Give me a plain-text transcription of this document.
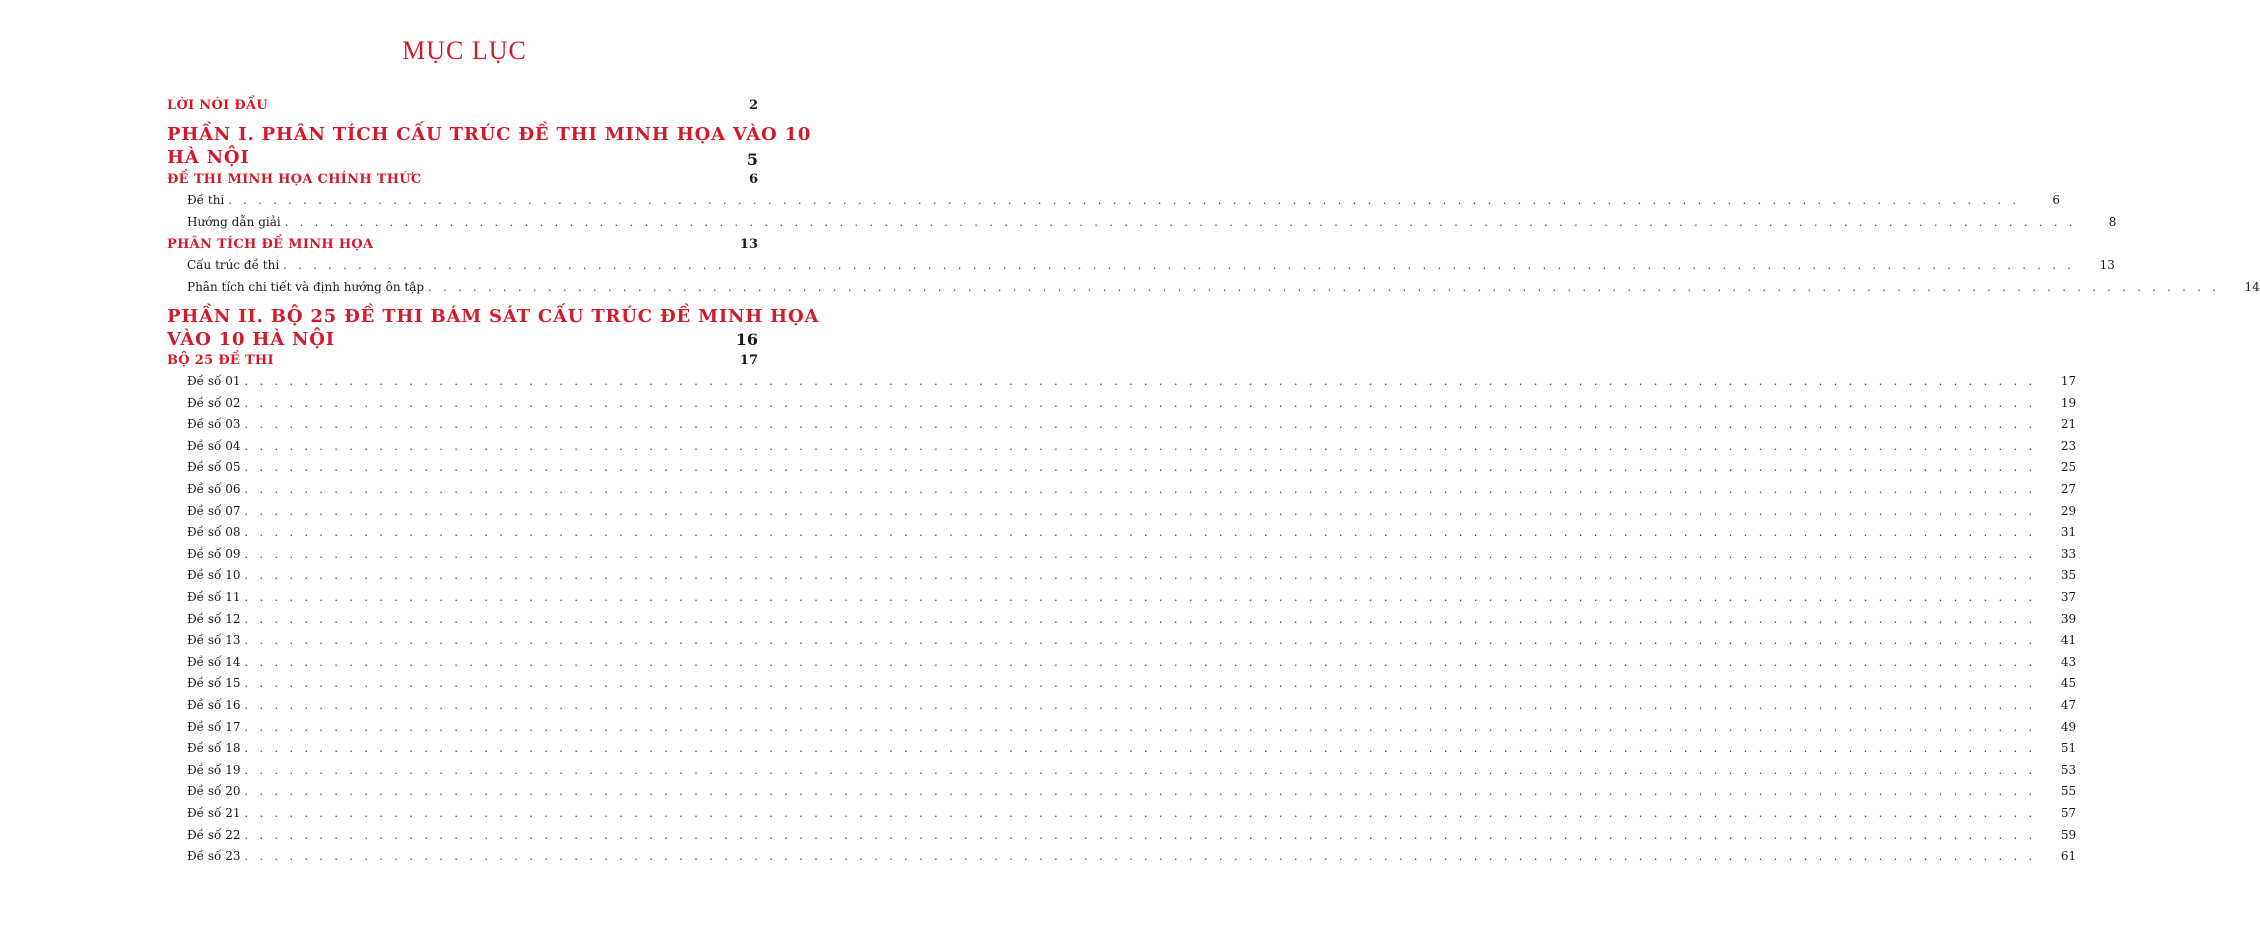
MỤC LỤC
LỜI NÓI ĐẦU	2
PHẦN I. PHÂN TÍCH CẤU TRÚC ĐỀ THI MINH HỌA VÀO 10
HÀ NỘI	5
ĐỀ THI MINH HỌA CHÍNH THỨC	6
Đề thi . . . . . . . . . . . . . . . . . . . . . . . . . . . . . . . . . . . . . . . . . . . . . . . . . . . . . . . . . . . . . . . . . . . . . . . . . . . . . . . . . . . . . . . . . . . . . . . . . . . . . . . . . . . . . . . . . . . . . . . .	6
Hướng dẫn giải . . . . . . . . . . . . . . . . . . . . . . . . . . . . . . . . . . . . . . . . . . . . . . . . . . . . . . . . . . . . . . . . . . . . . . . . . . . . . . . . . . . . . . . . . . . . . . . . . . . . . . . . . . . . . . . . . . . . . . . .	8
PHÂN TÍCH ĐỀ MINH HỌA	13
Cấu trúc đề thi . . . . . . . . . . . . . . . . . . . . . . . . . . . . . . . . . . . . . . . . . . . . . . . . . . . . . . . . . . . . . . . . . . . . . . . . . . . . . . . . . . . . . . . . . . . . . . . . . . . . . . . . . . . . . . . . . . . . . . . . 13
Phân tích chi tiết và định hướng ôn tập . . . . . . . . . . . . . . . . . . . . . . . . . . . . . . . . . . . . . . . . . . . . . . . . . . . . . . . . . . . . . . . . . . . . . . . . . . . . . . . . . . . . . . . . . . . . . . . . . . . . . . . . . . . . . . . . . . . . . . . . 14
PHẦN II. BỘ 25 ĐỀ THI BÁM SÁT CẤU TRÚC ĐỀ MINH HỌA
VÀO 10 HÀ NỘI	16
BỘ 25 ĐỀ THI	17
Đề số 01 . . . . . . . . . . . . . . . . . . . . . . . . . . . . . . . . . . . . . . . . . . . . . . . . . . . . . . . . . . . . . . . . . . . . . . . . . . . . . . . . . . . . . . . . . . . . . . . . . . . . . . . . . . . . . . . . . . . . . . . . 17
Đề số 02 . . . . . . . . . . . . . . . . . . . . . . . . . . . . . . . . . . . . . . . . . . . . . . . . . . . . . . . . . . . . . . . . . . . . . . . . . . . . . . . . . . . . . . . . . . . . . . . . . . . . . . . . . . . . . . . . . . . . . . . . 19
Đề số 03 . . . . . . . . . . . . . . . . . . . . . . . . . . . . . . . . . . . . . . . . . . . . . . . . . . . . . . . . . . . . . . . . . . . . . . . . . . . . . . . . . . . . . . . . . . . . . . . . . . . . . . . . . . . . . . . . . . . . . . . . 21
Đề số 04 . . . . . . . . . . . . . . . . . . . . . . . . . . . . . . . . . . . . . . . . . . . . . . . . . . . . . . . . . . . . . . . . . . . . . . . . . . . . . . . . . . . . . . . . . . . . . . . . . . . . . . . . . . . . . . . . . . . . . . . . 23
Đề số 05 . . . . . . . . . . . . . . . . . . . . . . . . . . . . . . . . . . . . . . . . . . . . . . . . . . . . . . . . . . . . . . . . . . . . . . . . . . . . . . . . . . . . . . . . . . . . . . . . . . . . . . . . . . . . . . . . . . . . . . . . 25
Đề số 06 . . . . . . . . . . . . . . . . . . . . . . . . . . . . . . . . . . . . . . . . . . . . . . . . . . . . . . . . . . . . . . . . . . . . . . . . . . . . . . . . . . . . . . . . . . . . . . . . . . . . . . . . . . . . . . . . . . . . . . . . 27
Đề số 07 . . . . . . . . . . . . . . . . . . . . . . . . . . . . . . . . . . . . . . . . . . . . . . . . . . . . . . . . . . . . . . . . . . . . . . . . . . . . . . . . . . . . . . . . . . . . . . . . . . . . . . . . . . . . . . . . . . . . . . . . 29
Đề số 08 . . . . . . . . . . . . . . . . . . . . . . . . . . . . . . . . . . . . . . . . . . . . . . . . . . . . . . . . . . . . . . . . . . . . . . . . . . . . . . . . . . . . . . . . . . . . . . . . . . . . . . . . . . . . . . . . . . . . . . . . 31
Đề số 09 . . . . . . . . . . . . . . . . . . . . . . . . . . . . . . . . . . . . . . . . . . . . . . . . . . . . . . . . . . . . . . . . . . . . . . . . . . . . . . . . . . . . . . . . . . . . . . . . . . . . . . . . . . . . . . . . . . . . . . . . 33
Đề số 10 . . . . . . . . . . . . . . . . . . . . . . . . . . . . . . . . . . . . . . . . . . . . . . . . . . . . . . . . . . . . . . . . . . . . . . . . . . . . . . . . . . . . . . . . . . . . . . . . . . . . . . . . . . . . . . . . . . . . . . . . 35
Đề số 11 . . . . . . . . . . . . . . . . . . . . . . . . . . . . . . . . . . . . . . . . . . . . . . . . . . . . . . . . . . . . . . . . . . . . . . . . . . . . . . . . . . . . . . . . . . . . . . . . . . . . . . . . . . . . . . . . . . . . . . . . 37
Đề số 12 . . . . . . . . . . . . . . . . . . . . . . . . . . . . . . . . . . . . . . . . . . . . . . . . . . . . . . . . . . . . . . . . . . . . . . . . . . . . . . . . . . . . . . . . . . . . . . . . . . . . . . . . . . . . . . . . . . . . . . . . 39
Đề số 13 . . . . . . . . . . . . . . . . . . . . . . . . . . . . . . . . . . . . . . . . . . . . . . . . . . . . . . . . . . . . . . . . . . . . . . . . . . . . . . . . . . . . . . . . . . . . . . . . . . . . . . . . . . . . . . . . . . . . . . . . 41
Đề số 14 . . . . . . . . . . . . . . . . . . . . . . . . . . . . . . . . . . . . . . . . . . . . . . . . . . . . . . . . . . . . . . . . . . . . . . . . . . . . . . . . . . . . . . . . . . . . . . . . . . . . . . . . . . . . . . . . . . . . . . . . 43
Đề số 15 . . . . . . . . . . . . . . . . . . . . . . . . . . . . . . . . . . . . . . . . . . . . . . . . . . . . . . . . . . . . . . . . . . . . . . . . . . . . . . . . . . . . . . . . . . . . . . . . . . . . . . . . . . . . . . . . . . . . . . . . 45
Đề số 16 . . . . . . . . . . . . . . . . . . . . . . . . . . . . . . . . . . . . . . . . . . . . . . . . . . . . . . . . . . . . . . . . . . . . . . . . . . . . . . . . . . . . . . . . . . . . . . . . . . . . . . . . . . . . . . . . . . . . . . . . 47
Đề số 17 . . . . . . . . . . . . . . . . . . . . . . . . . . . . . . . . . . . . . . . . . . . . . . . . . . . . . . . . . . . . . . . . . . . . . . . . . . . . . . . . . . . . . . . . . . . . . . . . . . . . . . . . . . . . . . . . . . . . . . . . 49
Đề số 18 . . . . . . . . . . . . . . . . . . . . . . . . . . . . . . . . . . . . . . . . . . . . . . . . . . . . . . . . . . . . . . . . . . . . . . . . . . . . . . . . . . . . . . . . . . . . . . . . . . . . . . . . . . . . . . . . . . . . . . . . 51
Đề số 19 . . . . . . . . . . . . . . . . . . . . . . . . . . . . . . . . . . . . . . . . . . . . . . . . . . . . . . . . . . . . . . . . . . . . . . . . . . . . . . . . . . . . . . . . . . . . . . . . . . . . . . . . . . . . . . . . . . . . . . . . 53
Đề số 20 . . . . . . . . . . . . . . . . . . . . . . . . . . . . . . . . . . . . . . . . . . . . . . . . . . . . . . . . . . . . . . . . . . . . . . . . . . . . . . . . . . . . . . . . . . . . . . . . . . . . . . . . . . . . . . . . . . . . . . . . 55
Đề số 21 . . . . . . . . . . . . . . . . . . . . . . . . . . . . . . . . . . . . . . . . . . . . . . . . . . . . . . . . . . . . . . . . . . . . . . . . . . . . . . . . . . . . . . . . . . . . . . . . . . . . . . . . . . . . . . . . . . . . . . . . 57
Đề số 22 . . . . . . . . . . . . . . . . . . . . . . . . . . . . . . . . . . . . . . . . . . . . . . . . . . . . . . . . . . . . . . . . . . . . . . . . . . . . . . . . . . . . . . . . . . . . . . . . . . . . . . . . . . . . . . . . . . . . . . . . 59
Đề số 23 . . . . . . . . . . . . . . . . . . . . . . . . . . . . . . . . . . . . . . . . . . . . . . . . . . . . . . . . . . . . . . . . . . . . . . . . . . . . . . . . . . . . . . . . . . . . . . . . . . . . . . . . . . . . . . . . . . . . . . . . 61
